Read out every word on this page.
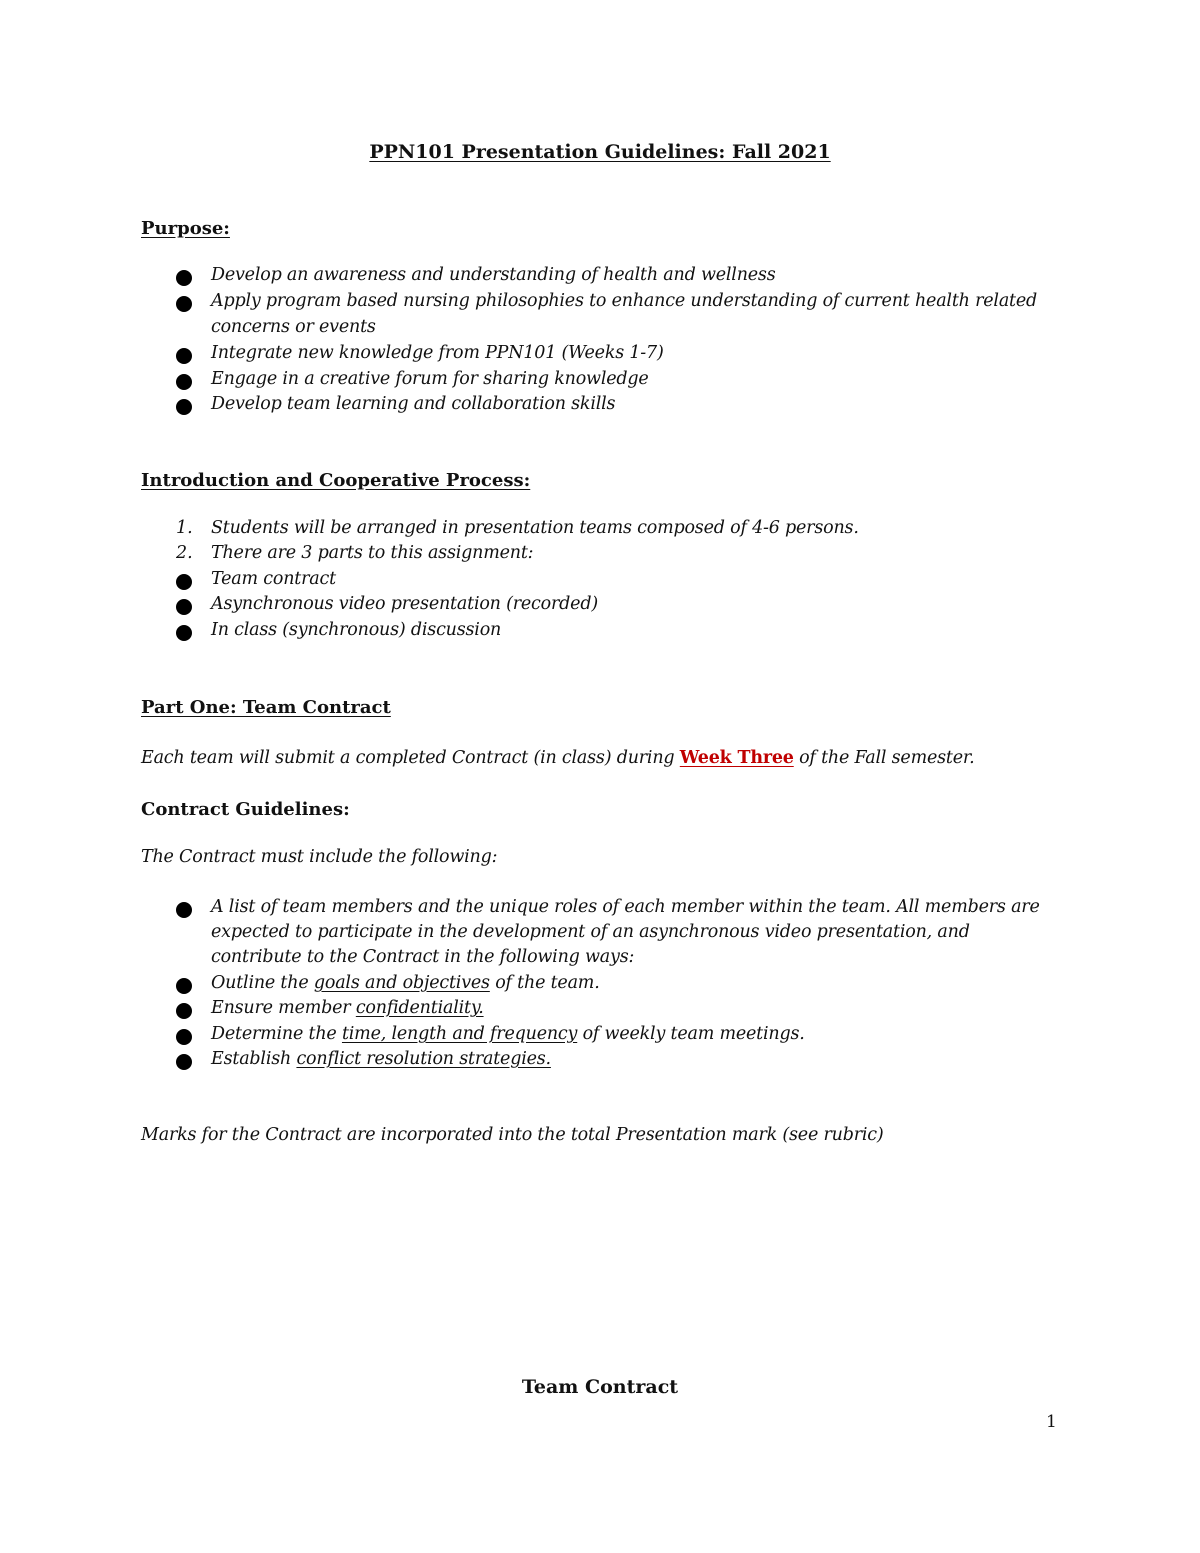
PPN101 Presentation Guidelines: Fall 2021
Purpose:
Develop an awareness and understanding of health and wellness
Apply program based nursing philosophies to enhance understanding of current health related
concerns or events
Integrate new knowledge from PPN101 (Weeks 1-7)
Engage in a creative forum for sharing knowledge
Develop team learning and collaboration skills
Introduction and Cooperative Process:
1. Students will be arranged in presentation teams composed of 4-6 persons.
2. There are 3 parts to this assignment:
Team contract
Asynchronous video presentation (recorded)
In class (synchronous) discussion
Part One: Team Contract
Each team will submit a completed Contract (in class) during Week Three of the Fall semester.
Contract Guidelines:
The Contract must include the following:
A list of team members and the unique roles of each member within the team. All members are
expected to participate in the development of an asynchronous video presentation, and
contribute to the Contract in the following ways:
Outline the goals and objectives of the team.
Ensure member confidentiality.
Determine the time, length and frequency of weekly team meetings.
Establish conflict resolution strategies.
Marks for the Contract are incorporated into the total Presentation mark (see rubric)
Team Contract
1
